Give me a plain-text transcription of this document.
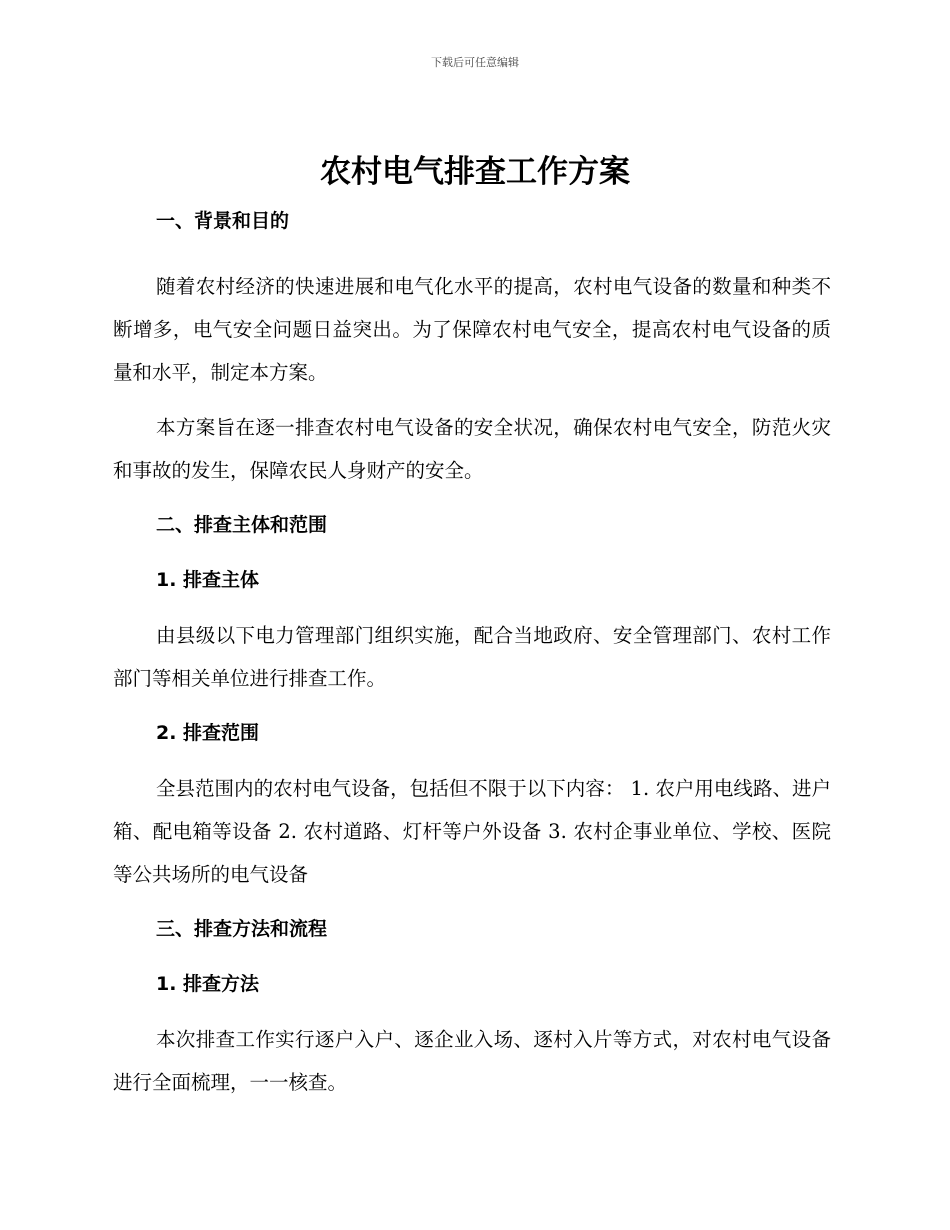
下载后可任意编辑
农村电气排查工作方案
一、背景和目的

随着农村经济的快速进展和电气化水平的提高，农村电气设备的数量和种类不断增多，电气安全问题日益突出。为了保障农村电气安全，提高农村电气设备的质量和水平，制定本方案。

本方案旨在逐一排查农村电气设备的安全状况，确保农村电气安全，防范火灾和事故的发生，保障农民人身财产的安全。

二、排查主体和范围
1. 排查主体

由县级以下电力管理部门组织实施，配合当地政府、安全管理部门、农村工作部门等相关单位进行排查工作。

2. 排查范围

全县范围内的农村电气设备，包括但不限于以下内容： 1. 农户用电线路、进户箱、配电箱等设备 2. 农村道路、灯杆等户外设备 3. 农村企事业单位、学校、医院等公共场所的电气设备

三、排查方法和流程
1. 排查方法

本次排查工作实行逐户入户、逐企业入场、逐村入片等方式，对农村电气设备进行全面梳理，一一核查。
